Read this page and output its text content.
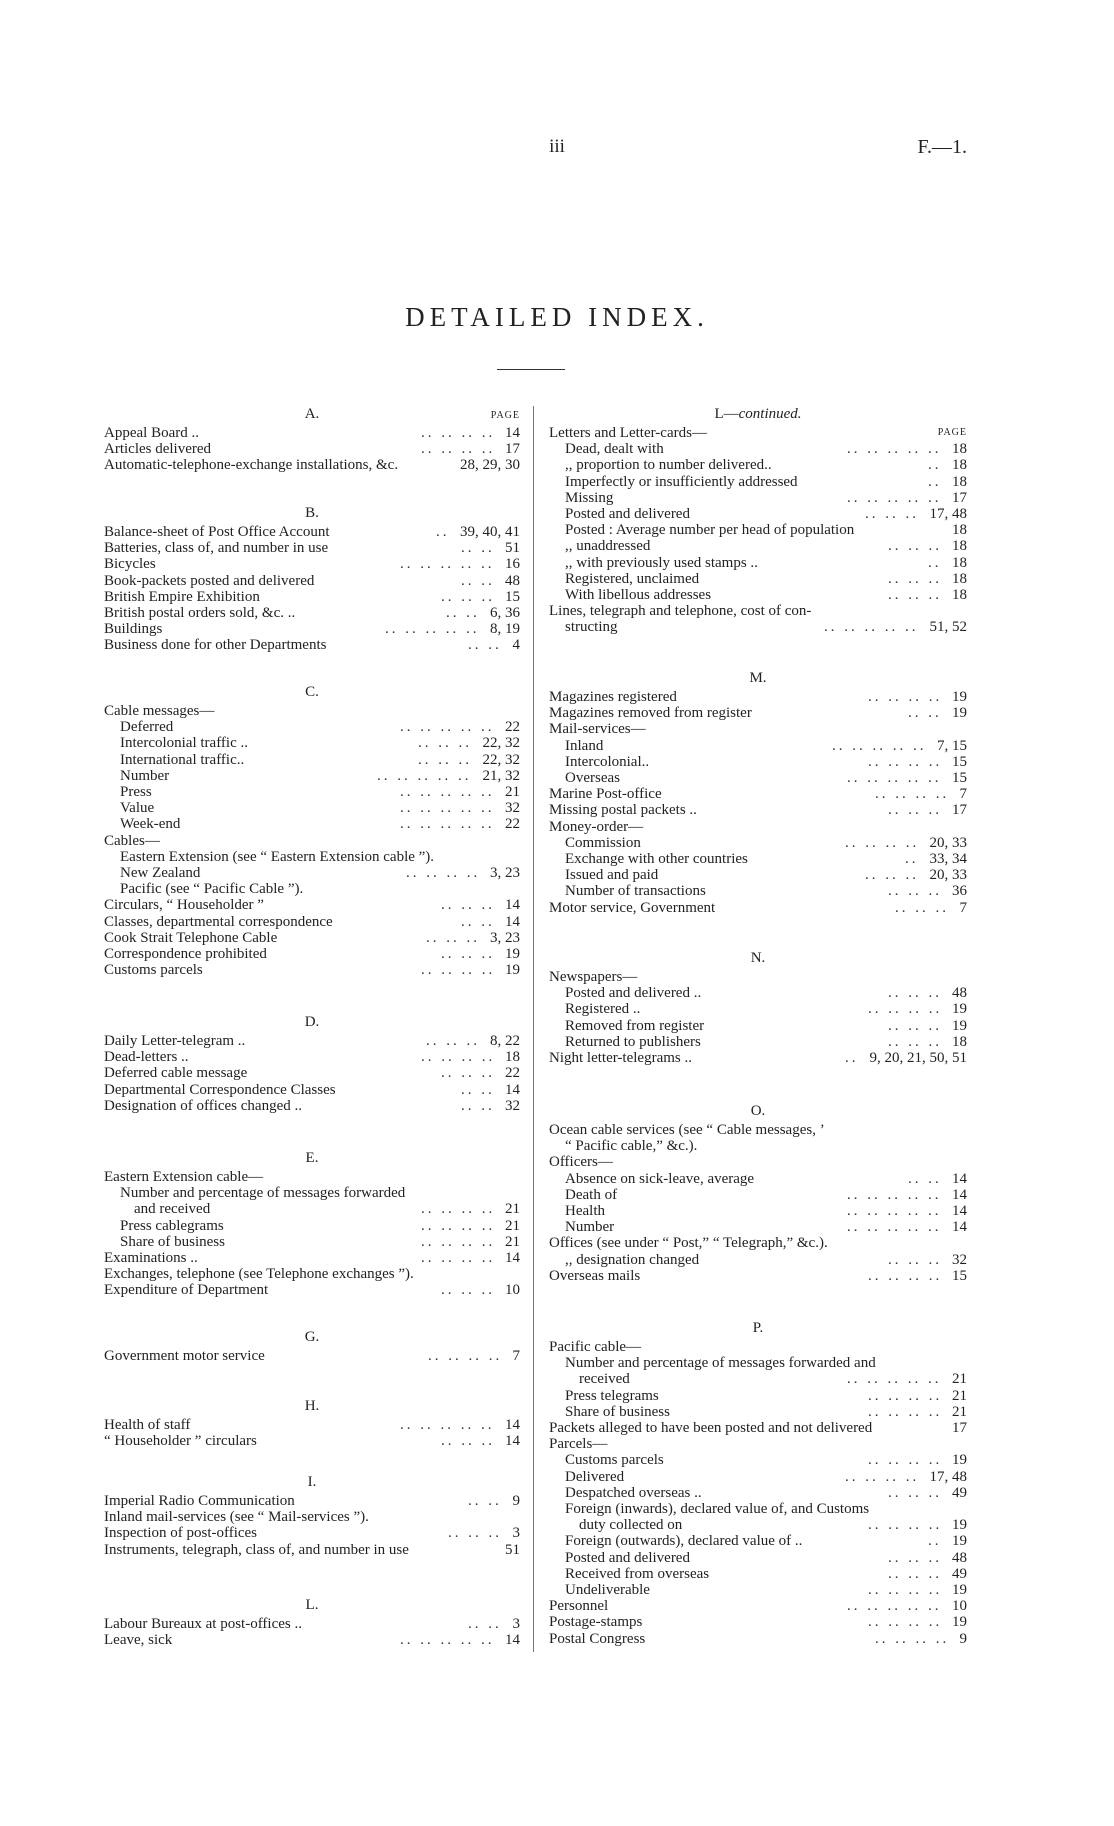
iii	F.—1.
DETAILED INDEX.
A.	PAGE
Appeal Board ..	14
.. .. .. ..
Articles delivered	17
.. .. .. ..
Automatic-telephone-exchange installations, &c.	28, 29, 30
B.
Balance-sheet of Post Office Account	39, 40, 41
..
Batteries, class of, and number in use	51
.. ..
Bicycles	16
.. .. .. .. ..
Book-packets posted and delivered	48
.. ..
British Empire Exhibition	15
.. .. ..
British postal orders sold, &c. ..	6, 36
.. ..
Buildings	8, 19
.. .. .. .. ..
Business done for other Departments	4
.. ..
C.
Cable messages—
Deferred	22
.. .. .. .. ..
Intercolonial traffic ..	22, 32
.. .. ..
International traffic..	22, 32
.. .. ..
Number	21, 32
.. .. .. .. ..
Press	21
.. .. .. .. ..
Value	32
.. .. .. .. ..
Week-end	22
.. .. .. .. ..
Cables—
Eastern Extension (see “ Eastern Extension cable ”).
New Zealand	3, 23
.. .. .. ..
Pacific (see “ Pacific Cable ”).
Circulars, “ Householder ”	14
.. .. ..
Classes, departmental correspondence	14
.. ..
Cook Strait Telephone Cable	3, 23
.. .. ..
Correspondence prohibited	19
.. .. ..
Customs parcels	19
.. .. .. ..
D.
Daily Letter-telegram ..	8, 22
.. .. ..
Dead-letters ..	18
.. .. .. ..
Deferred cable message	22
.. .. ..
Departmental Correspondence Classes	14
.. ..
Designation of offices changed ..	32
.. ..
E.
Eastern Extension cable—
Number and percentage of messages forwarded
and received	21
.. .. .. ..
Press cablegrams	21
.. .. .. ..
Share of business	21
.. .. .. ..
Examinations ..	14
.. .. .. ..
Exchanges, telephone (see Telephone exchanges ”).
Expenditure of Department	10
.. .. ..
G.
Government motor service	7
.. .. .. ..
H.
Health of staff	14
.. .. .. .. ..
“ Householder ” circulars	14
.. .. ..
I.
Imperial Radio Communication	9
.. ..
Inland mail-services (see “ Mail-services ”).
Inspection of post-offices	3
.. .. ..
Instruments, telegraph, class of, and number in use	51
L.
Labour Bureaux at post-offices ..	3
.. ..
Leave, sick	14
.. .. .. .. ..
L—continued.
Letters and Letter-cards—	PAGE
Dead, dealt with	18
.. .. .. .. ..
,, proportion to number delivered..	18
..
Imperfectly or insufficiently addressed	18
..
Missing	17
.. .. .. .. ..
Posted and delivered	17, 48
.. .. ..
Posted : Average number per head of population	18
,, unaddressed	18
.. .. ..
,, with previously used stamps ..	18
..
Registered, unclaimed	18
.. .. ..
With libellous addresses	18
.. .. ..
Lines, telegraph and telephone, cost of con-
structing	51, 52
.. .. .. .. ..
M.
Magazines registered	19
.. .. .. ..
Magazines removed from register	19
.. ..
Mail-services—
Inland	7, 15
.. .. .. .. ..
Intercolonial..	15
.. .. .. ..
Overseas	15
.. .. .. .. ..
Marine Post-office	7
.. .. .. ..
Missing postal packets ..	17
.. .. ..
Money-order—
Commission	20, 33
.. .. .. ..
Exchange with other countries	33, 34
..
Issued and paid	20, 33
.. .. ..
Number of transactions	36
.. .. ..
Motor service, Government	7
.. .. ..
N.
Newspapers—
Posted and delivered ..	48
.. .. ..
Registered ..	19
.. .. .. ..
Removed from register	19
.. .. ..
Returned to publishers	18
.. .. ..
Night letter-telegrams ..	9, 20, 21, 50, 51
..
O.
Ocean cable services (see “ Cable messages, ’
“ Pacific cable,” &c.).
Officers—
Absence on sick-leave, average	14
.. ..
Death of	14
.. .. .. .. ..
Health	14
.. .. .. .. ..
Number	14
.. .. .. .. ..
Offices (see under “ Post,” “ Telegraph,” &c.).
,, designation changed	32
.. .. ..
Overseas mails	15
.. .. .. ..
P.
Pacific cable—
Number and percentage of messages forwarded and
received	21
.. .. .. .. ..
Press telegrams	21
.. .. .. ..
Share of business	21
.. .. .. ..
Packets alleged to have been posted and not delivered	17
Parcels—
Customs parcels	19
.. .. .. ..
Delivered	17, 48
.. .. .. ..
Despatched overseas ..	49
.. .. ..
Foreign (inwards), declared value of, and Customs
duty collected on	19
.. .. .. ..
Foreign (outwards), declared value of ..	19
..
Posted and delivered	48
.. .. ..
Received from overseas	49
.. .. ..
Undeliverable	19
.. .. .. ..
Personnel	10
.. .. .. .. ..
Postage-stamps	19
.. .. .. ..
Postal Congress	9
.. .. .. ..
